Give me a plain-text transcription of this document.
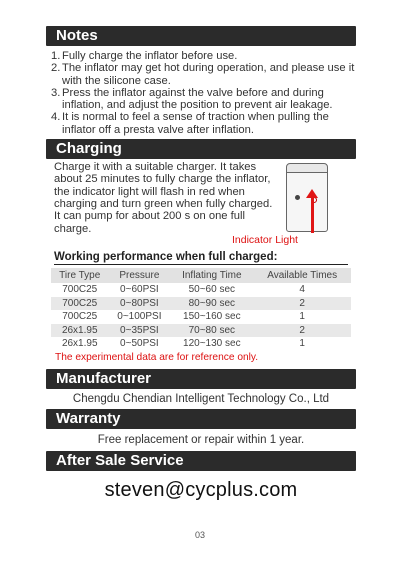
Notes
1. Fully charge the inflator before use.
2. The inflator may get hot during operation, and please use it with the silicone case.
3. Press the inflator against the valve before and during inflation, and adjust the position to prevent air leakage.
4. It is normal to feel a sense of traction when pulling the inflator off a presta valve after inflation.
Charging
Charge it with a suitable charger. It takes about 25 minutes to fully charge the inflator, the indicator light will flash in red when charging and turn green when fully charged. It can pump for about 200 s on one full charge.
Working performance when full charged:
Tire Type	Pressure	Inflating Time	Available Times
700C25	0~60PSI	50~60 sec	4
700C25	0~80PSI	80~90 sec	2
700C25	0~100PSI	150~160 sec	1
26x1.95	0~35PSI	70~80 sec	2
26x1.95	0~50PSI	120~130 sec	1
The experimental data are for reference only.
Manufacturer
Chengdu Chendian Intelligent Technology Co., Ltd
Warranty
Free replacement or repair within 1 year.
After Sale Service
steven@cycplus.com
Indicator Light
03
